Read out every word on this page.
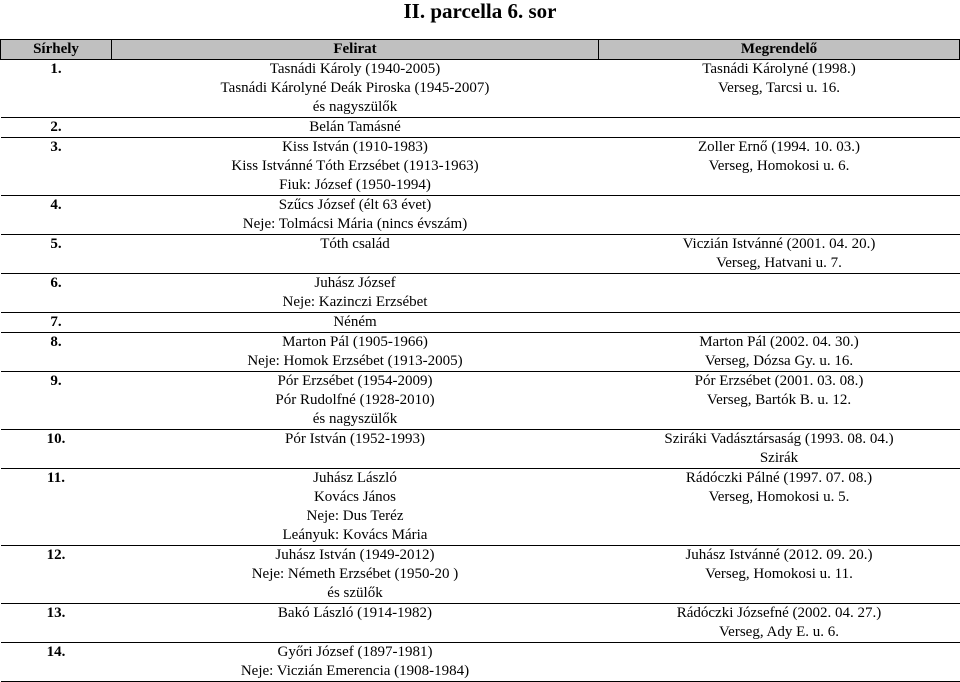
II. parcella 6. sor
Sírhely	Felirat	Megrendelő

1.	Tasnádi Károly (1940-2005)
Tasnádi Károlyné Deák Piroska (1945-2007)
és nagyszülők	Tasnádi Károlyné (1998.)
Verseg, Tarcsi u. 16.

2.	Belán Tamásné	

3.	Kiss István (1910-1983)
Kiss Istvánné Tóth Erzsébet (1913-1963)
Fiuk: József (1950-1994)	Zoller Ernő (1994. 10. 03.)
Verseg, Homokosi u. 6.

4.	Szűcs József (élt 63 évet)
Neje: Tolmácsi Mária (nincs évszám)	

5.	Tóth család	Viczián Istvánné (2001. 04. 20.)
Verseg, Hatvani u. 7.

6.	Juhász József
Neje: Kazinczi Erzsébet	

7.	Néném	

8.	Marton Pál (1905-1966)
Neje: Homok Erzsébet (1913-2005)	Marton Pál (2002. 04. 30.)
Verseg, Dózsa Gy. u. 16.

9.	Pór Erzsébet (1954-2009)
Pór Rudolfné (1928-2010)
és nagyszülők	Pór Erzsébet (2001. 03. 08.)
Verseg, Bartók B. u. 12.

10.	Pór István (1952-1993)	Sziráki Vadásztársaság (1993. 08. 04.)
Szirák

11.	Juhász László
Kovács János
Neje: Dus Teréz
Leányuk: Kovács Mária	Rádóczki Pálné (1997. 07. 08.)
Verseg, Homokosi u. 5.

12.	Juhász István (1949-2012)
Neje: Németh Erzsébet (1950-20 )
és szülők	Juhász Istvánné (2012. 09. 20.)
Verseg, Homokosi u. 11.

13.	Bakó László (1914-1982)	Rádóczki Józsefné (2002. 04. 27.)
Verseg, Ady E. u. 6.

14.	Győri József (1897-1981)
Neje: Viczián Emerencia (1908-1984)	
